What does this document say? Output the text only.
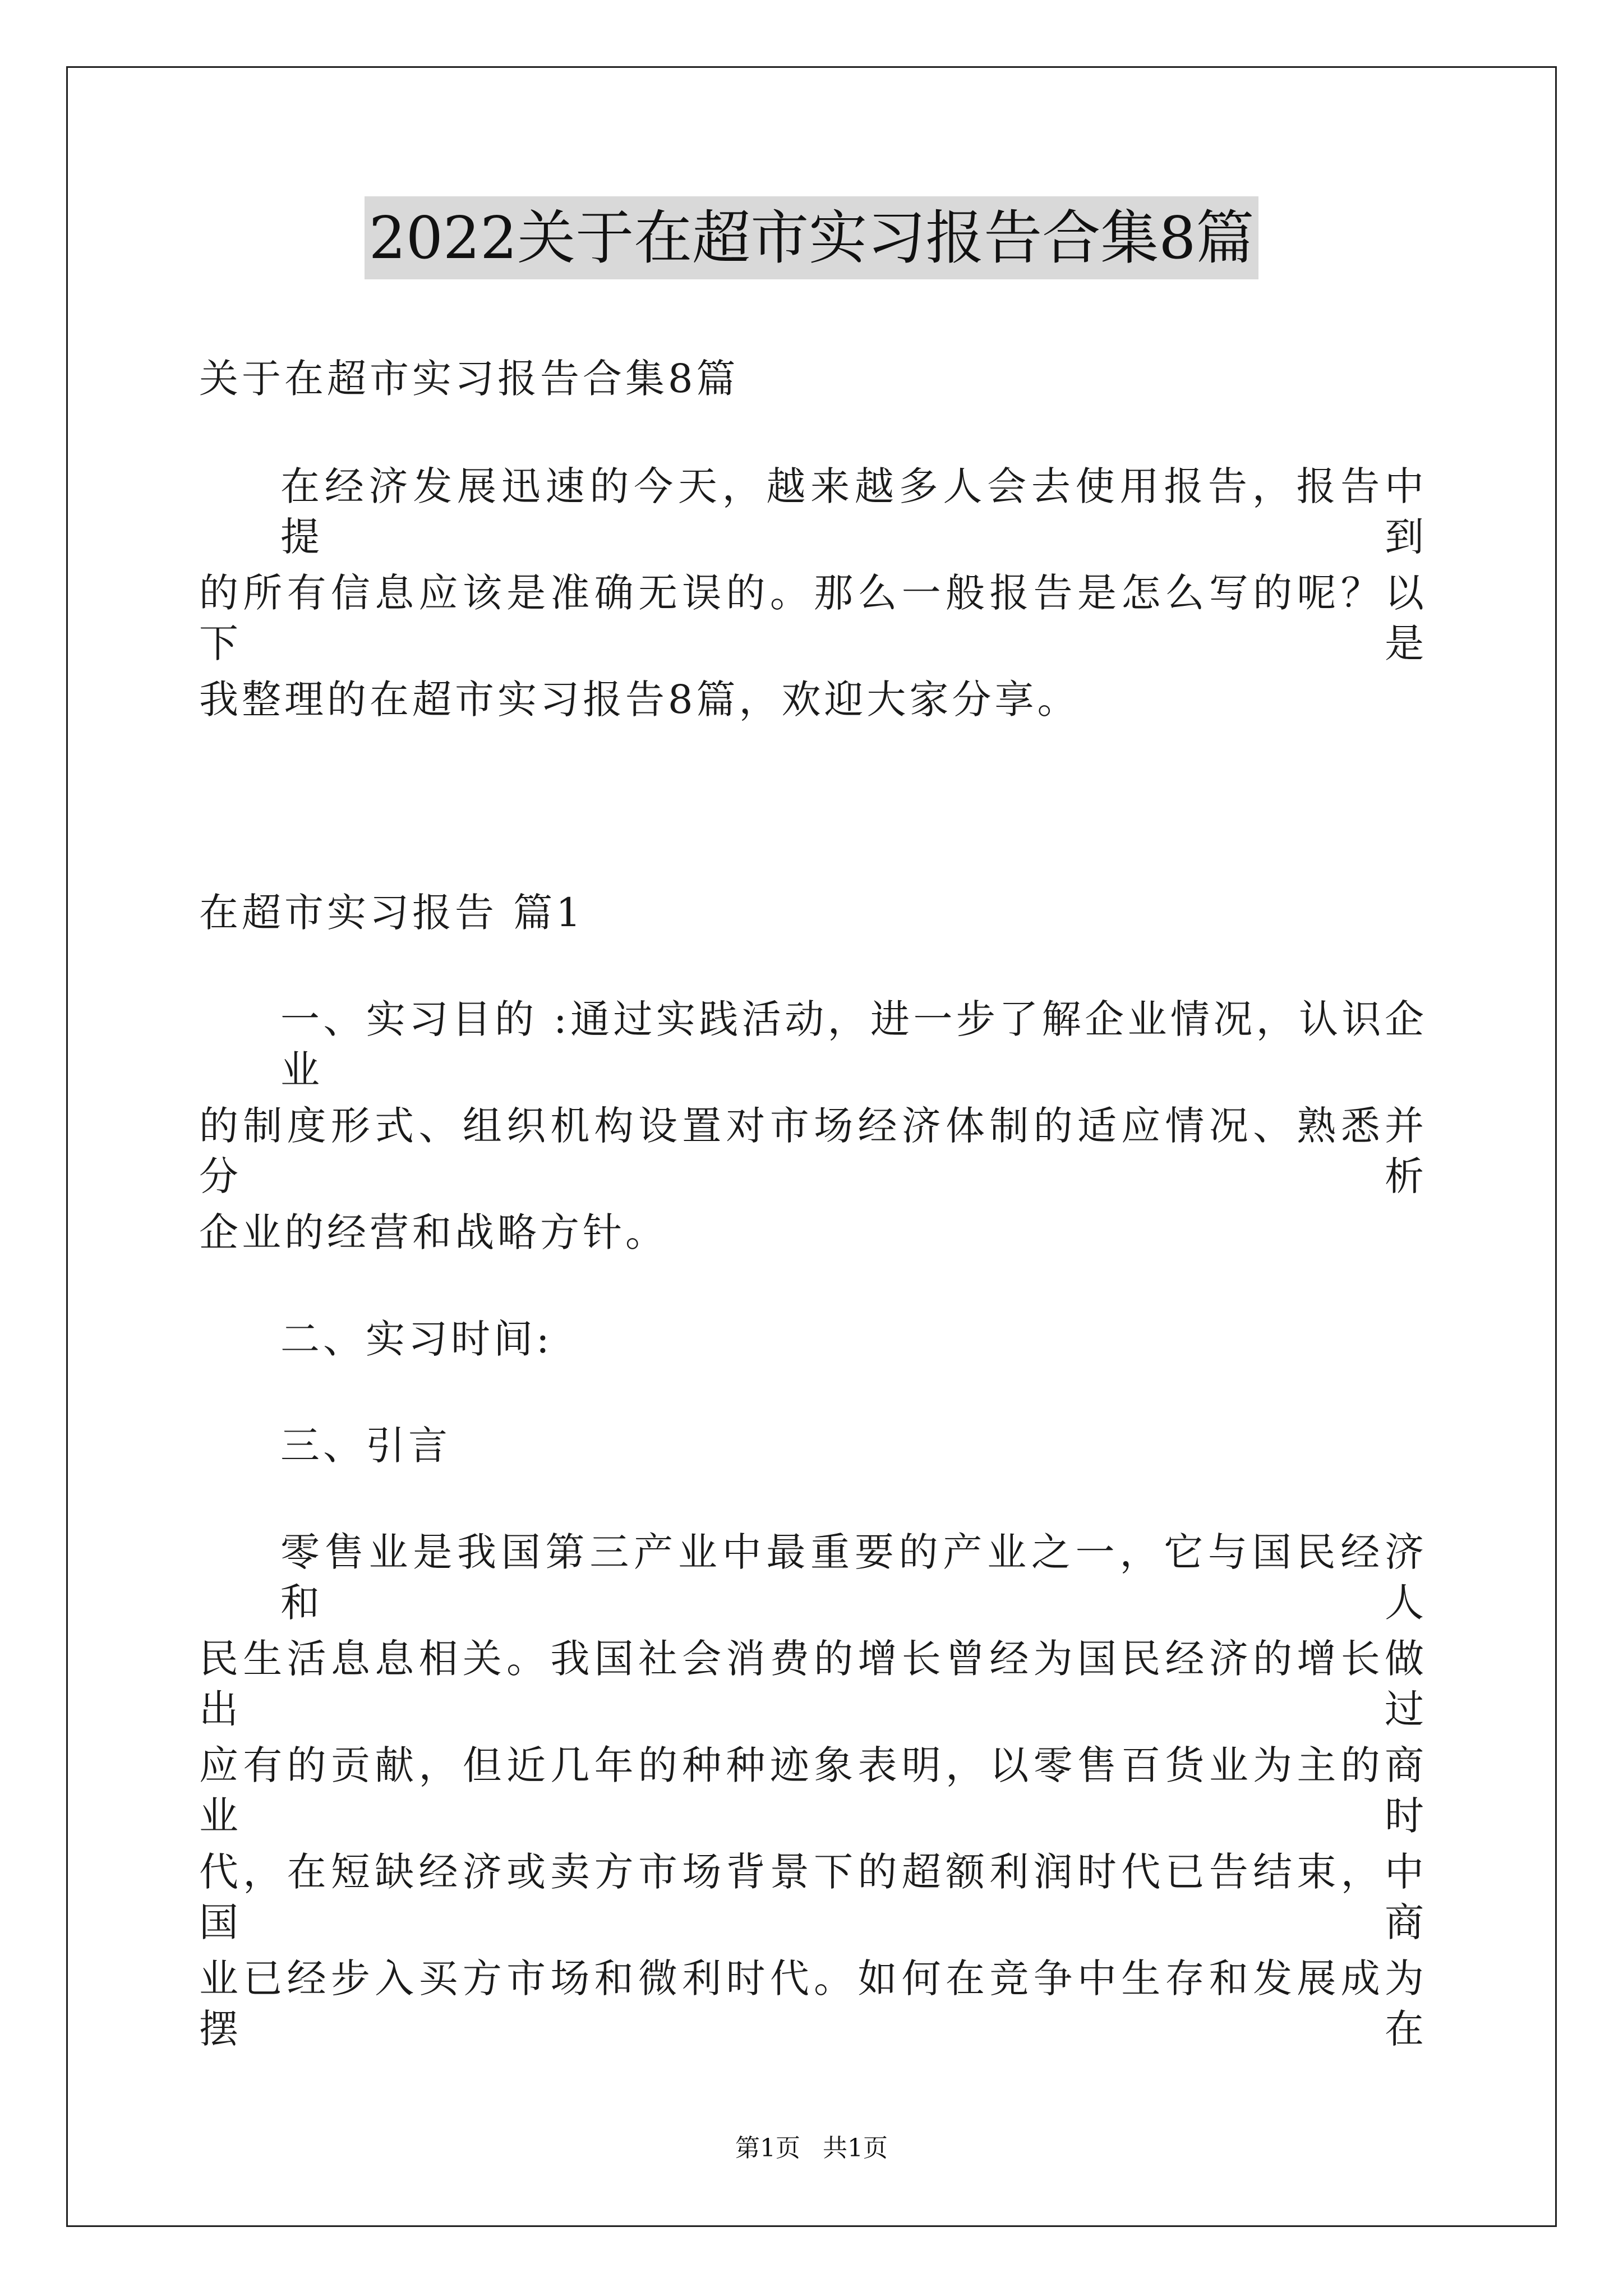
2022关于在超市实习报告合集8篇
关于在超市实习报告合集8篇
在经济发展迅速的今天，越来越多人会去使用报告，报告中提到
的所有信息应该是准确无误的。那么一般报告是怎么写的呢？以下是
我整理的在超市实习报告8篇，欢迎大家分享。
在超市实习报告 篇1
一、实习目的 :通过实践活动，进一步了解企业情况，认识企业
的制度形式、组织机构设置对市场经济体制的适应情况、熟悉并分析
企业的经营和战略方针。
二、实习时间:
三、引言
零售业是我国第三产业中最重要的产业之一，它与国民经济和人
民生活息息相关。我国社会消费的增长曾经为国民经济的增长做出过
应有的贡献，但近几年的种种迹象表明，以零售百货业为主的商业时
代，在短缺经济或卖方市场背景下的超额利润时代已告结束，中国商
业已经步入买方市场和微利时代。如何在竞争中生存和发展成为摆在
第1页 共1页
